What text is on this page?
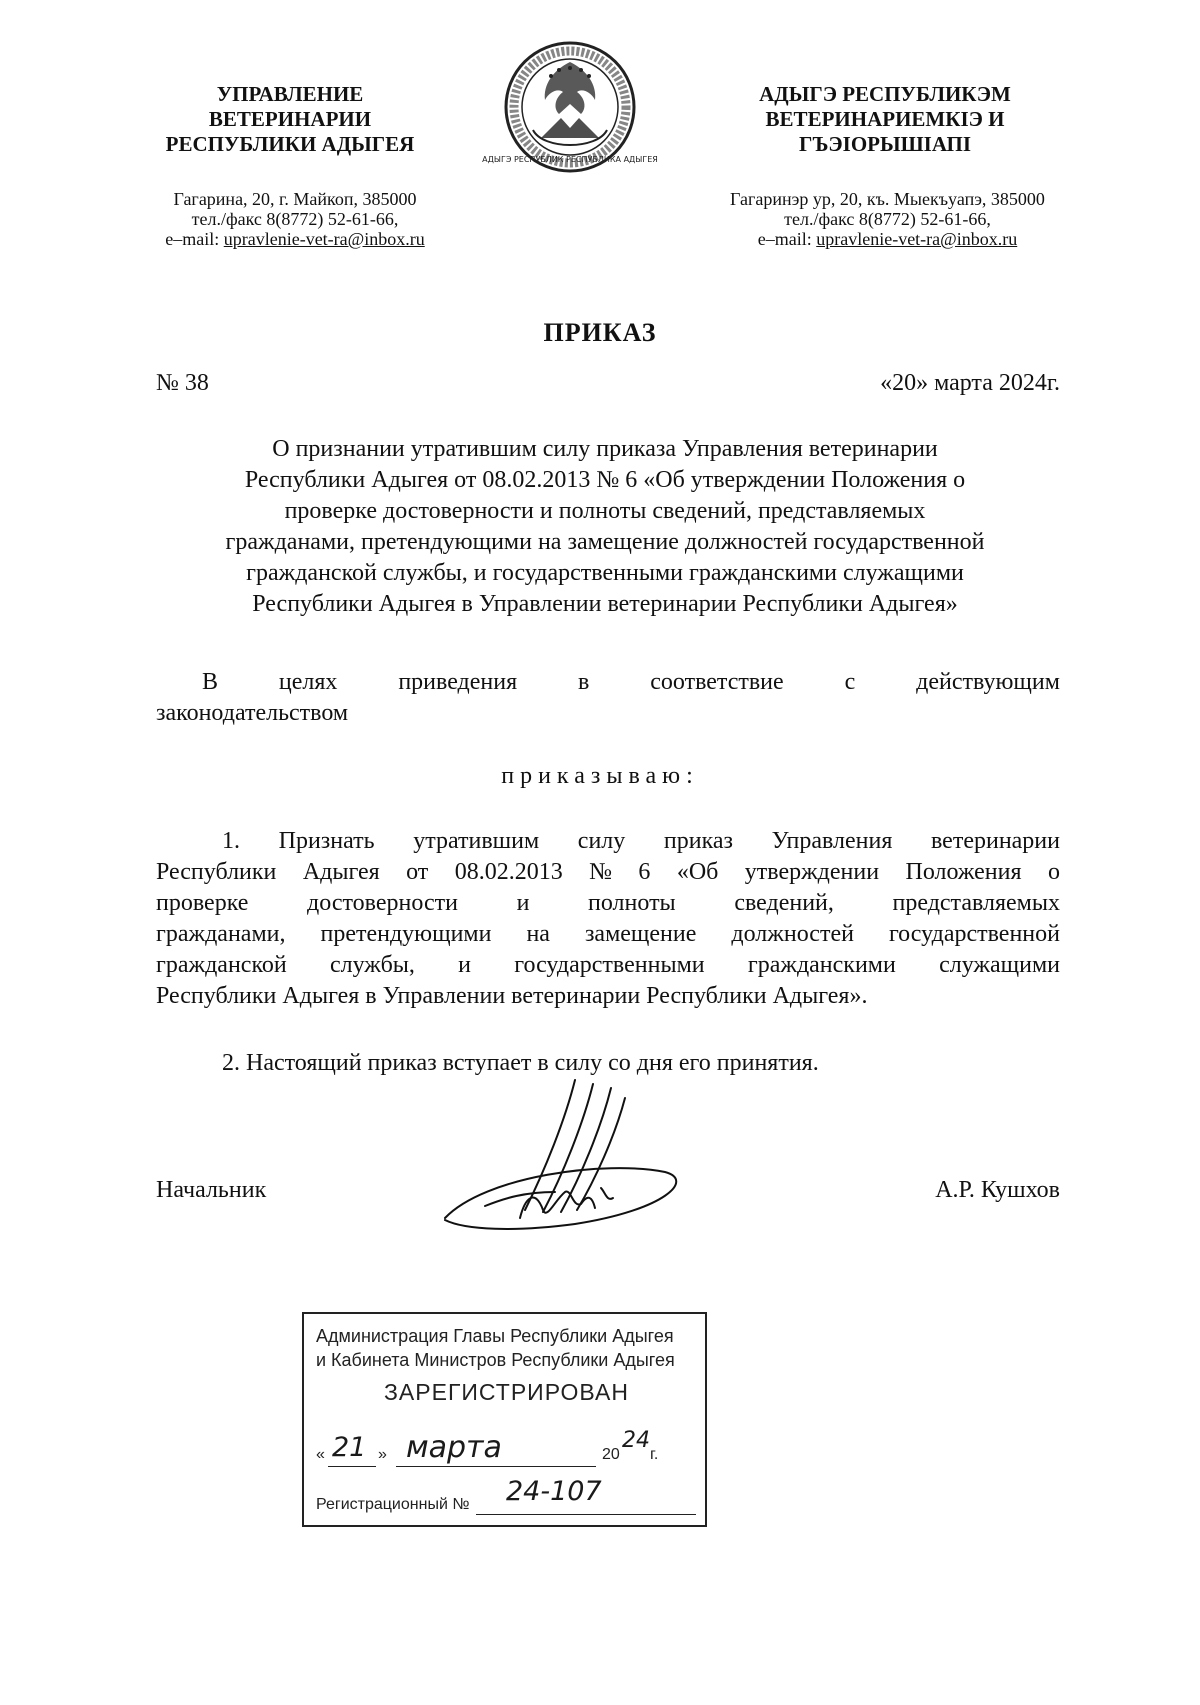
УПРАВЛЕНИЕ
ВЕТЕРИНАРИИ
РЕСПУБЛИКИ АДЫГЕЯ
Гагарина, 20, г. Майкоп, 385000
тел./факс 8(8772) 52-61-66,
e–mail: upravlenie-vet-ra@inbox.ru
АДЫГЭ РЕСПУБЛИК РЕСПУБЛИКА АДЫГЕЯ
АДЫГЭ РЕСПУБЛИКЭМ
ВЕТЕРИНАРИЕМКIЭ И
ГЪЭIОРЫШIАПI
Гагаринэр ур, 20, къ. Мыекъуапэ, 385000
тел./факс 8(8772) 52-61-66,
e–mail: upravlenie-vet-ra@inbox.ru
ПРИКАЗ
№ 38	«20» марта 2024г.
О признании утратившим силу приказа Управления ветеринарии
Республики Адыгея от 08.02.2013 № 6 «Об утверждении Положения о
проверке достоверности и полноты сведений, представляемых
гражданами, претендующими на замещение должностей государственной
гражданской службы, и государственными гражданскими служащими
Республики Адыгея в Управлении ветеринарии Республики Адыгея»
В	целях	приведения	в	соответствие	с	действующим
законодательством
приказываю:
1. Признать утратившим силу приказ Управления ветеринарии
Республики Адыгея от 08.02.2013 № 6 «Об утверждении Положения о
проверке достоверности и полноты сведений, представляемых
гражданами, претендующими на замещение должностей государственной
гражданской службы, и государственными гражданскими служащими
Республики Адыгея в Управлении ветеринарии Республики Адыгея».
2. Настоящий приказ вступает в силу со дня его принятия.
Начальник	А.Р. Кушхов
Администрация Главы Республики Адыгея
и Кабинета Министров Республики Адыгея
ЗАРЕГИСТРИРОВАН
« 21 » марта	20
24
г.
Регистрационный № 24-107
